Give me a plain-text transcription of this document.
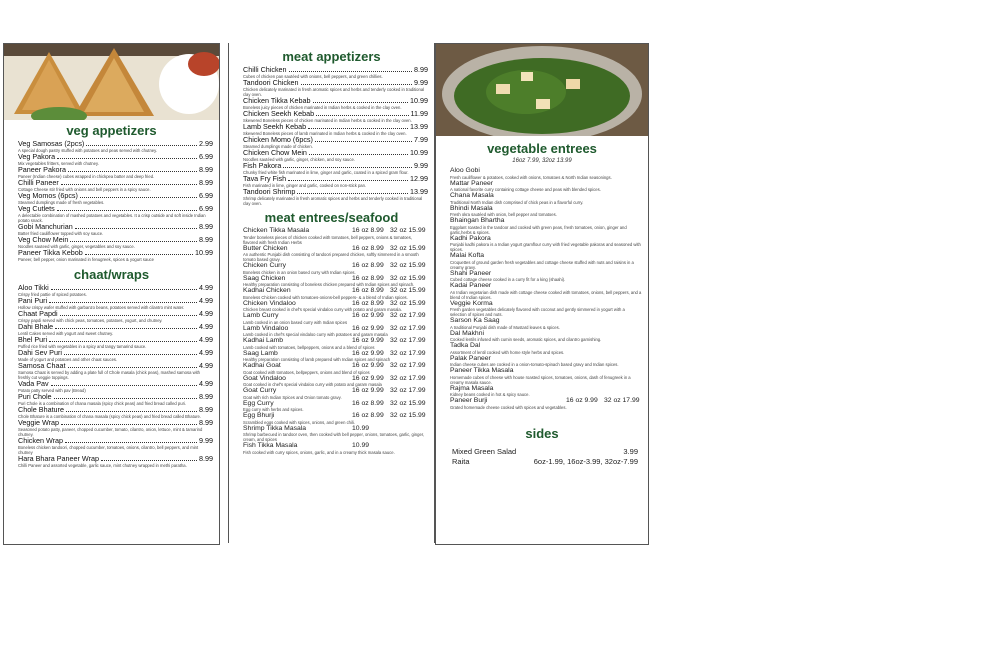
veg appetizers
Veg Samosas (2pcs)	2.99
A special dough pastry stuffed with potatoes and peas served with chutney.
Veg Pakora	6.99
Mix vegetables fritters, served with chutney.
Paneer Pakora	8.99
Paneer (Indian cheese) cubes wrapped in chickpea batter and deep fried.
Chilli Paneer	8.99
Cottage Cheese stir fried with onions and bell peppers in a spicy sauce.
Veg Momos (6pcs)	6.99
Steamed dumplings made of fresh vegetables.
Veg Cutlets	6.99
A delectable combination of mashed potatoes and vegetables. It a crisp outside and soft inside Indian potato snack.
Gobi Manchurian	8.99
Batter fried cauliflower topped with soy sauce.
Veg Chow Mein	8.99
Noodles sauteed with garlic, ginger, vegetables and soy sauce.
Paneer Tikka Kebob	10.99
Paneer, bell pepper, onion marinated in fenugreek, spices & yogurt sauce
chaat/wraps
Aloo Tikki	4.99
Crispy fried pattie of spiced potatoes.
Pani Puri	4.99
Hollow crispy wafer stuffed with garbanzo beans, potatoes served with cilantro mint water.
Chaat Papdi	4.99
Crispy papdi served with chick peas, tomatoes, potatoes, yogurt, and chutney.
Dahi Bhale	4.99
Lentil Cakes served with yogurt and sweet chutney.
Bhel Puri	4.99
Puffed rice fried with vegetables in a spicy and tangy tamarind sauce.
Dahi Sev Puri	4.99
Made of yogurt and potatoes and other chaat sauces.
Samosa Chaat	4.99
Samosa Chaat is served by adding a plate full of Chole masala (chick peas), mashed samosa with freshly cut veggie toppings.
Vada Pav	4.99
Potato patty served with pav (Bread)
Puri Chole	8.99
Puri Chole is a combination of chana masala (spicy chick peas) and fried bread called puri.
Chole Bhature	8.99
Chole Bhature is a combination of chana masala (spicy chick peas) and fried bread called Bhature.
Veggie Wrap	8.99
Seasoned potato patty, paneer, chopped cucumber, tomato, cilantro, onion, lettuce, mint & tamarind chutney.
Chicken Wrap	9.99
Boneless chicken tandoori, chopped cucumber, tomatoes, onions, cilantro, bell peppers, and mint chutney
Hara Bhara Paneer Wrap	8.99
Chilli Paneer and assorted vegetable, garlic sauce, mint chutney wrapped in methi paratha.
meat appetizers
Chilli Chicken	8.99
Cubes of chicken pan sautéed with onions, bell peppers, and green chillies.
Tandoori Chicken	9.99
Chicken delicately marinated in fresh aromatic spices and herbs and tenderly cooked in traditional clay oven.
Chicken Tikka Kebab	10.99
Boneless juicy pieces of chicken marinated in Indian herbs & cooked in the clay oven.
Chicken Seekh Kebab	11.99
Skewered Boneless pieces of chicken marinated in Indian herbs & cooked in the clay oven.
Lamb Seekh Kebab	13.99
Skewered Boneless pieces of lamb marinated in Indian herbs & cooked in the clay oven.
Chicken Momo (6pcs)	7.99
Steamed dumplings made of chicken.
Chicken Chow Mein	10.99
Noodles sautéed with garlic, ginger, chicken, and soy sauce.
Fish Pakora	9.99
Chunky fried white fish marinated in lime, ginger and garlic, coated in a spiced gram flour.
Tava Fry Fish	12.99
Fish marinated in lime, ginger and garlic, cooked on non-stick pan.
Tandoori Shrimp	13.99
Shrimp delicately marinated in fresh aromatic spices and herbs and tenderly cooked in traditional clay oven.
meat entrees/seafood
Chicken Tikka Masala	16 oz 8.99 32 oz 15.99
Tender boneless pieces of chicken cooked with tomatoes, bell peppers, onions & tomatoes, flavored with fresh Indian Herbs
Butter Chicken	16 oz 8.99 32 oz 15.99
An authentic Punjabi dish consisting of tandoori prepared chicken, softly simmered in a smooth tomato based gravy.
Chicken Curry	16 oz 8.99 32 oz 15.99
Boneless chicken in an onion based curry with Indian spices.
Saag Chicken	16 oz 8.99 32 oz 15.99
Healthy preparation consisting of boneless chicken prepared with Indian spices and spinach.
Kadhai Chicken	16 oz 8.99 32 oz 15.99
Boneless Chicken cooked with tomatoes-onions-bell peppers- & a blend of Indian spices.
Chicken Vindaloo	16 oz 8.99 32 oz 15.99
Chicken breast cooked in chef's special vindaloo curry with potato and garam masala.
Lamb Curry	16 oz 9.99 32 oz 17.99
Lamb cooked in an onion based curry with Indian spices
Lamb Vindaloo	16 oz 9.99 32 oz 17.99
Lamb cooked in chef's special vindaloo curry with potatoes and garam masala
Kadhai Lamb	16 oz 9.99 32 oz 17.99
Lamb cooked with tomatoes, bellpeppers, onions and a blend of spices
Saag Lamb	16 oz 9.99 32 oz 17.99
Healthy preparation consisting of lamb prepared with Indian spices and spinach
Kadhai Goat	16 oz 9.99 32 oz 17.99
Goat cooked with tomatoes, bellpeppers, onions and blend of spices
Goat Vindaloo	16 oz 9.99 32 oz 17.99
Goat cooked in chef's special vindaloo curry with potato and garam masala
Goat Curry	16 oz 9.99 32 oz 17.99
Goat with rich Indian Spices and Onion tomato gravy.
Egg Curry	16 oz 8.99 32 oz 15.99
Egg curry with herbs and spices.
Egg Bhurji	16 oz 8.99 32 oz 15.99
Scrambled eggs cooked with spices, onions, and green chili.
Shrimp Tikka Masala	10.99
Shrimp barbecued in tandoor oven, then cooked with bell pepper, onions, tomatoes, garlic, ginger, cream, and spices
Fish Tikka Masala	10.99
Fish cooked with curry spices, onions, garlic, and in a creamy thick masala sauce.
vegetable entrees
16oz 7.99, 32oz 13.99
Aloo Gobi
Fresh cauliflower & potatoes, cooked with onions, tomatoes & North Indian seasonings.
Mattar Paneer
A national favorite curry containing cottage cheese and peas with blended spices.
Chana Masala
Traditional North Indian dish comprised of chick peas in a flavorful curry.
Bhindi Masala
Fresh okra sautéed with onion, bell pepper and tomatoes.
Bhaingan Bhartha
Eggplant roasted in the tandoor and cooked with green peas, fresh tomatoes, onion, ginger and garlic,herbs & spices.
Kadhi Pakora
Punjabi kadhi pakora is a Indian yogurt gramflour curry with fried vegetable pakoras and seasoned with spices.
Malai Kofta
Croquettes of ground garden fresh vegetables and cottage cheese stuffed with nuts and raisins in a creamy gravy.
Shahi Paneer
Cubed cottage cheese cooked in a curry fit for a king (shaahi).
Kadai Paneer
An Indian vegetarian dish made with cottage cheese cooked with tomatoes, onions, bell peppers, and a blend of Indian spices.
Veggie Korma
Fresh garden vegetables delicately flavored with coconut and gently simmered in yogurt with a selection of spices and nuts.
Sarson Ka Saag
A traditional Punjabi dish made of Mustard leaves & spices.
Dal Makhni
Cooked lentils infused with cumin seeds, aromatic spices, and cilantro garnishing.
Tadka Dal
Assortment of lentil cooked with home style herbs and spices.
Palak Paneer
Indian cheese cubes are cooked in a onion-tomato-spinach based gravy and Indian spices.
Paneer Tikka Masala
Homemade cubes of cheese with house roasted spices, tomatoes, onions, dash of fenugreek in a creamy masala sauce.
Rajma Masala
Kidney beans cooked in hot & spicy sauce.
Paneer Burji	16 oz 9.99 32 oz 17.99
Grated homemade cheese cooked with spices and vegetables.
sides
Mixed Green Salad	3.99
Raita	6oz-1.99, 16oz-3.99, 32oz-7.99
